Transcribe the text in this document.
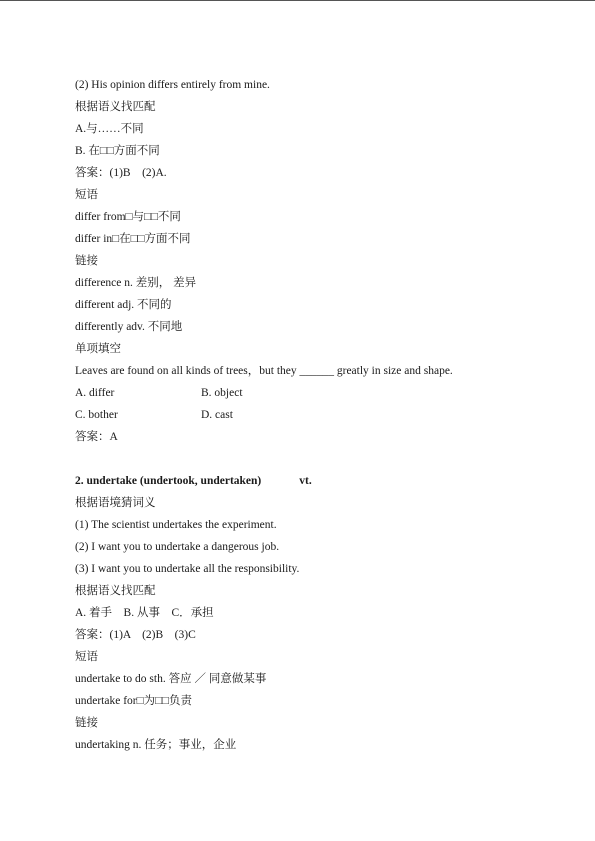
(2) His opinion differs entirely from mine.
根据语义找匹配
A.与……不同
B. 在□□方面不同
答案：(1)B　(2)A.
短语
differ from□与□□不同
differ in□在□□方面不同
链接
difference n. 差别， 差异
different adj. 不同的
differently adv. 不同地
单项填空
Leaves are found on all kinds of trees，but they ______ greatly in size and shape.
A. differ	B. object
C. bother	D. cast
答案：A
2. undertake (undertook, undertaken)	vt.
根据语境猜词义
(1) The scientist undertakes the experiment.
(2) I want you to undertake a dangerous job.
(3) I want you to undertake all the responsibility.
根据语义找匹配
A. 着手　B. 从事　C．承担
答案：(1)A　(2)B　(3)C
短语
undertake to do sth. 答应 ／ 同意做某事
undertake for□为□□负责
链接
undertaking n. 任务；事业，企业
